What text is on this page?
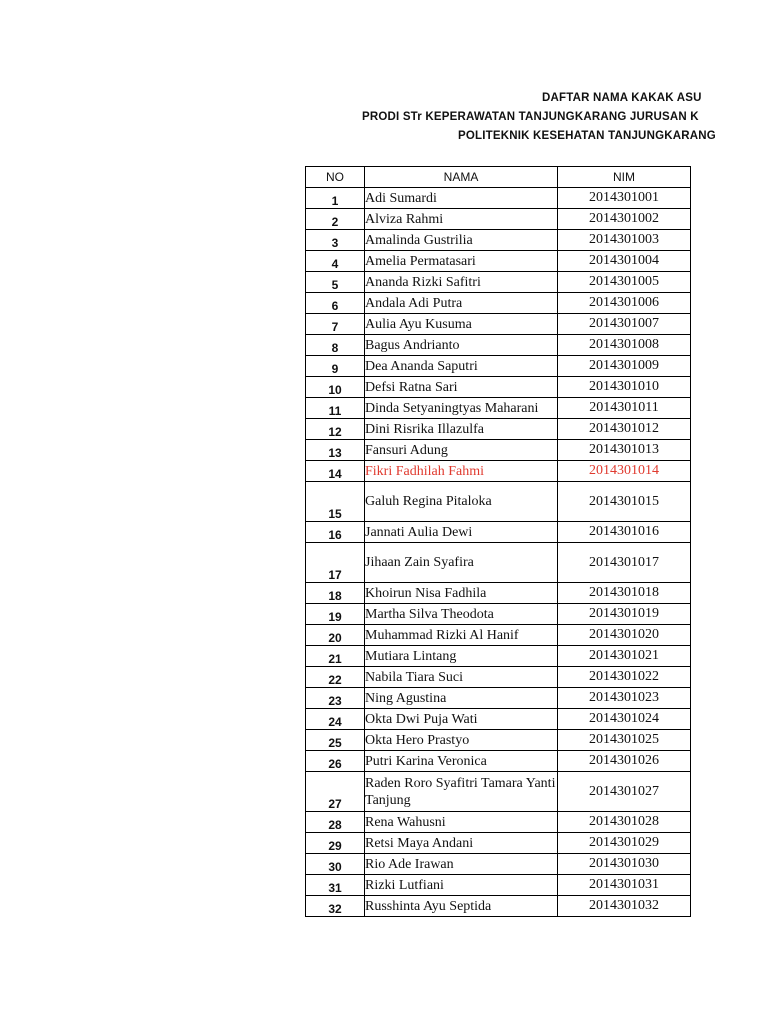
DAFTAR NAMA KAKAK ASU
PRODI STr KEPERAWATAN TANJUNGKARANG JURUSAN K
POLITEKNIK KESEHATAN TANJUNGKARANG
NO	NAMA	NIM
1	Adi Sumardi	2014301001
2	Alviza Rahmi	2014301002
3	Amalinda Gustrilia	2014301003
4	Amelia Permatasari	2014301004
5	Ananda Rizki Safitri	2014301005
6	Andala Adi Putra	2014301006
7	Aulia Ayu Kusuma	2014301007
8	Bagus Andrianto	2014301008
9	Dea Ananda Saputri	2014301009
10	Defsi Ratna Sari	2014301010
11	Dinda Setyaningtyas Maharani	2014301011
12	Dini Risrika Illazulfa	2014301012
13	Fansuri Adung	2014301013
14	Fikri Fadhilah Fahmi	2014301014
15	Galuh Regina Pitaloka	2014301015
16	Jannati Aulia Dewi	2014301016
17	Jihaan Zain Syafira	2014301017
18	Khoirun Nisa Fadhila	2014301018
19	Martha Silva Theodota	2014301019
20	Muhammad Rizki Al Hanif	2014301020
21	Mutiara Lintang	2014301021
22	Nabila Tiara Suci	2014301022
23	Ning Agustina	2014301023
24	Okta Dwi Puja Wati	2014301024
25	Okta Hero Prastyo	2014301025
26	Putri Karina Veronica	2014301026
27	Raden Roro Syafitri Tamara Yanti Tanjung	2014301027
28	Rena Wahusni	2014301028
29	Retsi Maya Andani	2014301029
30	Rio Ade Irawan	2014301030
31	Rizki Lutfiani	2014301031
32	Russhinta Ayu Septida	2014301032
